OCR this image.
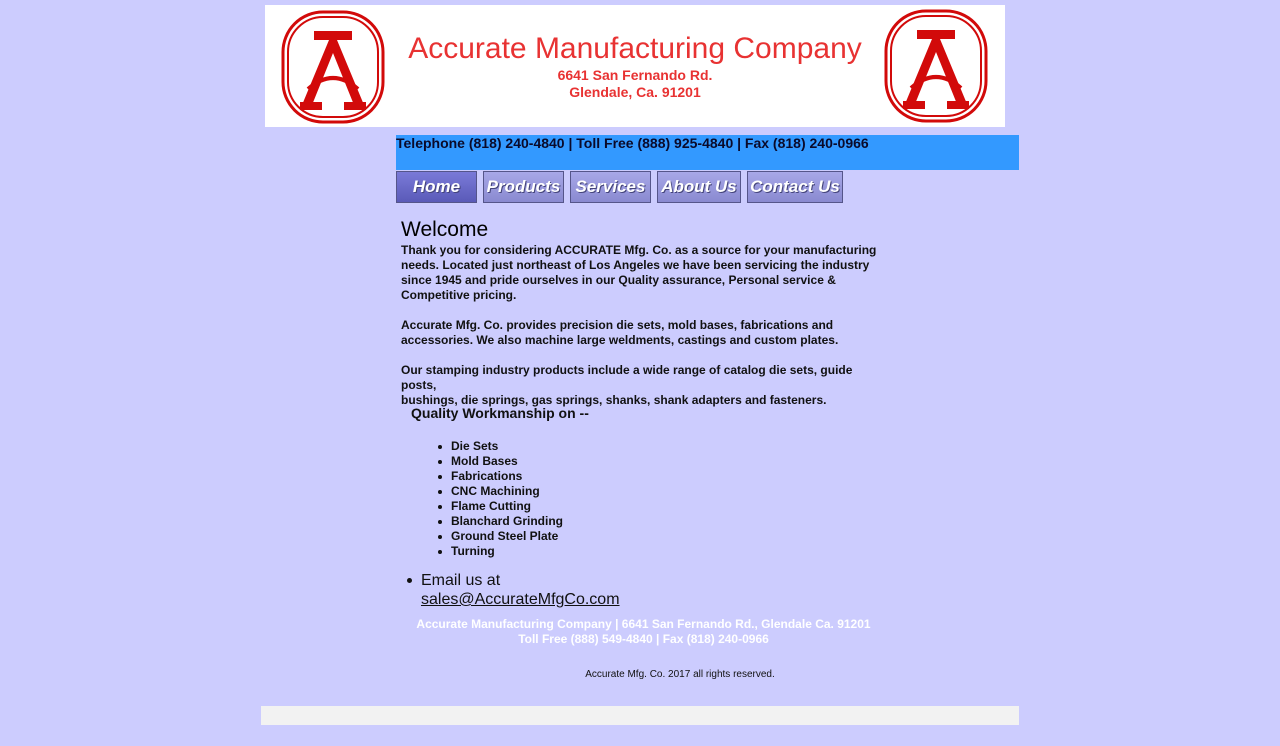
Accurate Manufacturing Company
6641 San Fernando Rd.
Glendale, Ca. 91201
Telephone (818) 240-4840 | Toll Free (888) 925-4840 | Fax (818) 240-0966
Home	Products Services About Us Contact Us
Welcome
Thank you for considering ACCURATE Mfg. Co. as a source for your manufacturing needs. Located just northeast of Los Angeles we have been servicing the industry since 1945 and pride ourselves in our Quality assurance, Personal service & Competitive pricing.
Accurate Mfg. Co. provides precision die sets, mold bases, fabrications and accessories. We also machine large weldments, castings and custom plates.
Our stamping industry products include a wide range of catalog die sets, guide posts,
bushings, die springs, gas springs, shanks, shank adapters and fasteners.
Quality Workmanship on --
Die Sets
Mold Bases
Fabrications
CNC Machining
Flame Cutting
Blanchard Grinding
Ground Steel Plate
Turning
Email us at
sales@AccurateMfgCo.com
Accurate Manufacturing Company | 6641 San Fernando Rd., Glendale Ca. 91201
Toll Free (888) 549-4840 | Fax (818) 240-0966
Accurate Mfg. Co. 2017 all rights reserved.
